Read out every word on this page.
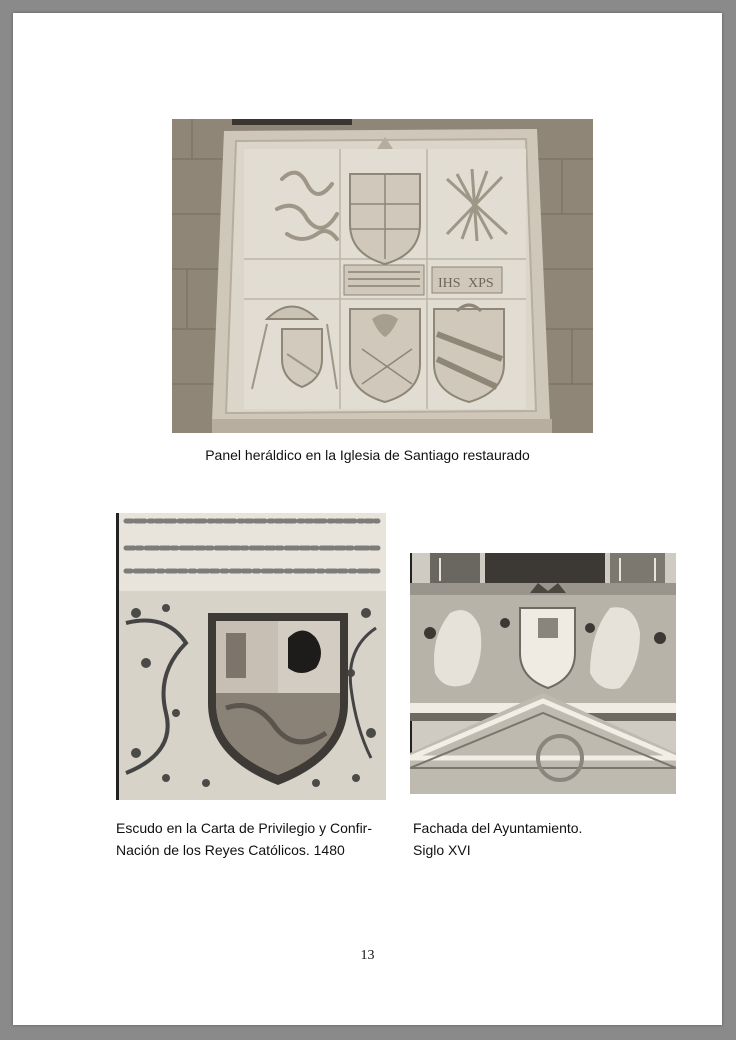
IHS XPS
Panel heráldico en la Iglesia de Santiago restaurado
Escudo en la Carta de Privilegio y Confir-
Nación de los Reyes Católicos. 1480
Fachada del Ayuntamiento.
Siglo XVI
13
